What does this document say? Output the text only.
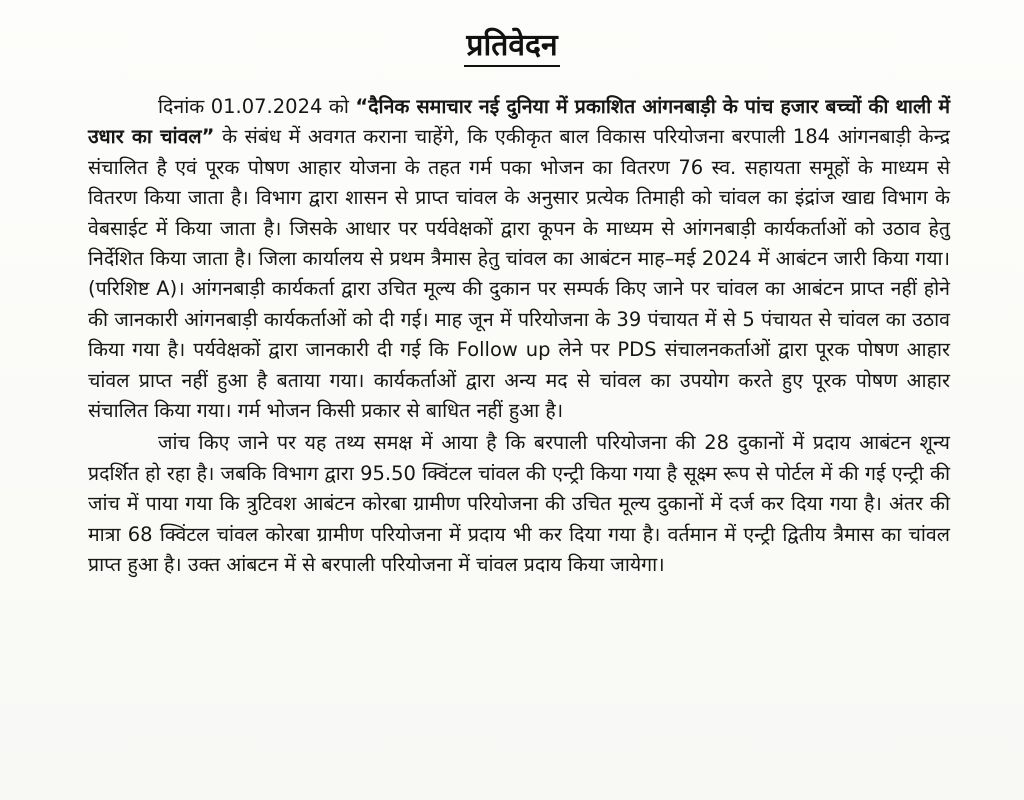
प्रतिवेदन

दिनांक 01.07.2024 को “दैनिक समाचार नई दुनिया में प्रकाशित आंगनबाड़ी के पांच हजार बच्चों की थाली में उधार का चांवल” के संबंध में अवगत कराना चाहेंगे, कि एकीकृत बाल विकास परियोजना बरपाली 184 आंगनबाड़ी केन्द्र संचालित है एवं पूरक पोषण आहार योजना के तहत गर्म पका भोजन का वितरण 76 स्व. सहायता समूहों के माध्यम से वितरण किया जाता है। विभाग द्वारा शासन से प्राप्त चांवल के अनुसार प्रत्येक तिमाही को चांवल का इंद्रांज खाद्य विभाग के वेबसाईट में किया जाता है। जिसके आधार पर पर्यवेक्षकों द्वारा कूपन के माध्यम से आंगनबाड़ी कार्यकर्ताओं को उठाव हेतु निर्देशित किया जाता है। जिला कार्यालय से प्रथम त्रैमास हेतु चांवल का आबंटन माह–मई 2024 में आबंटन जारी किया गया। (परिशिष्ट A)। आंगनबाड़ी कार्यकर्ता द्वारा उचित मूल्य की दुकान पर सम्पर्क किए जाने पर चांवल का आबंटन प्राप्त नहीं होने की जानकारी आंगनबाड़ी कार्यकर्ताओं को दी गई। माह जून में परियोजना के 39 पंचायत में से 5 पंचायत से चांवल का उठाव किया गया है। पर्यवेक्षकों द्वारा जानकारी दी गई कि Follow up लेने पर PDS संचालनकर्ताओं द्वारा पूरक पोषण आहार चांवल प्राप्त नहीं हुआ है बताया गया। कार्यकर्ताओं द्वारा अन्य मद से चांवल का उपयोग करते हुए पूरक पोषण आहार संचालित किया गया। गर्म भोजन किसी प्रकार से बाधित नहीं हुआ है।

जांच किए जाने पर यह तथ्य समक्ष में आया है कि बरपाली परियोजना की 28 दुकानों में प्रदाय आबंटन शून्य प्रदर्शित हो रहा है। जबकि विभाग द्वारा 95.50 क्विंटल चांवल की एन्ट्री किया गया है सूक्ष्म रूप से पोर्टल में की गई एन्ट्री की जांच में पाया गया कि त्रुटिवश आबंटन कोरबा ग्रामीण परियोजना की उचित मूल्य दुकानों में दर्ज कर दिया गया है। अंतर की मात्रा 68 क्विंटल चांवल कोरबा ग्रामीण परियोजना में प्रदाय भी कर दिया गया है। वर्तमान में एन्ट्री द्वितीय त्रैमास का चांवल प्राप्त हुआ है। उक्त आंबटन में से बरपाली परियोजना में चांवल प्रदाय किया जायेगा।
